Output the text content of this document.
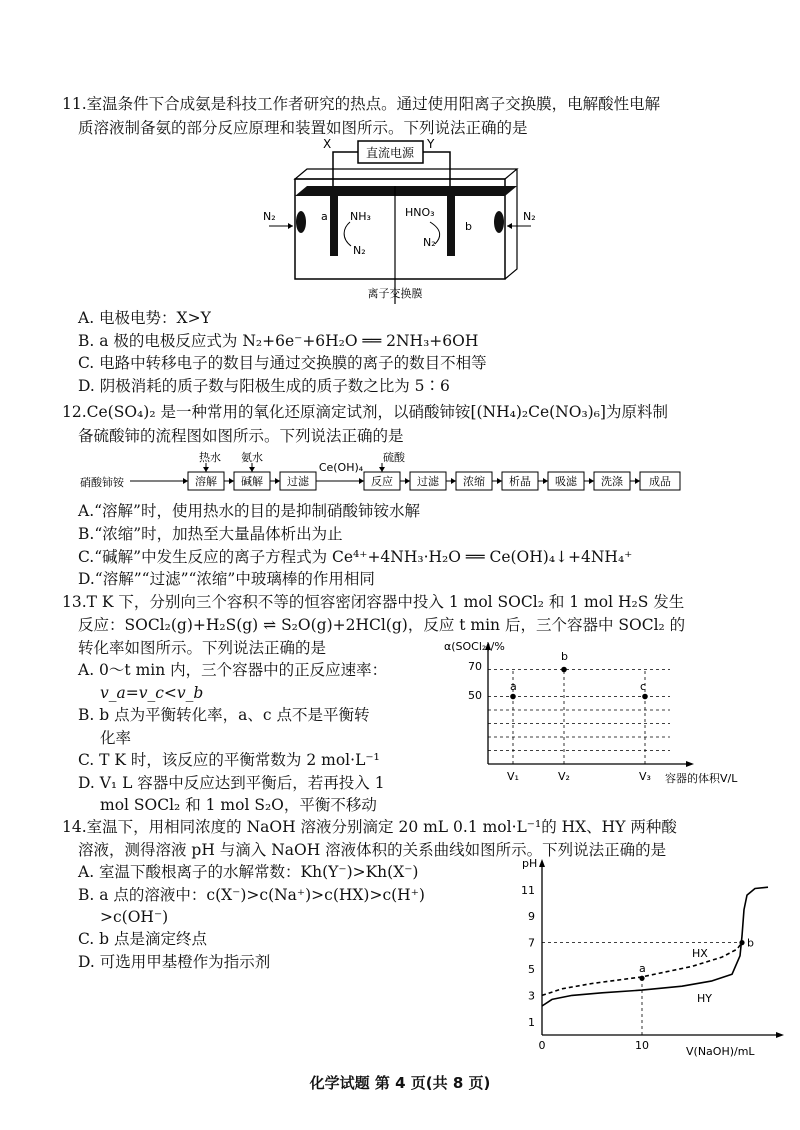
11.室温条件下合成氨是科技工作者研究的热点。通过使用阳离子交换膜，电解酸性电解
质溶液制备氨的部分反应原理和装置如图所示。下列说法正确的是
X	Y
直流电源
N₂	N₂
a
b
NH₃
N₂
HNO₃
N₂
离子交换膜
A. 电极电势：X>Y
B. a 极的电极反应式为 N₂+6e⁻+6H₂O ══ 2NH₃+6OH
C. 电路中转移电子的数目与通过交换膜的离子的数目不相等
D. 阴极消耗的质子数与阳极生成的质子数之比为 5∶6
12.Ce(SO₄)₂ 是一种常用的氧化还原滴定试剂，以硝酸铈铵[(NH₄)₂Ce(NO₃)₆]为原料制
备硫酸铈的流程图如图所示。下列说法正确的是
硝酸铈铵	溶解 碱解 过滤	反应 过滤 浓缩 析晶 吸滤 洗涤 成品
热水 氨水
Ce(OH)₄
硫酸
A.“溶解”时，使用热水的目的是抑制硝酸铈铵水解
B.“浓缩”时，加热至大量晶体析出为止
C.“碱解”中发生反应的离子方程式为 Ce⁴⁺+4NH₃·H₂O ══ Ce(OH)₄↓+4NH₄⁺
D.“溶解”“过滤”“浓缩”中玻璃棒的作用相同
13.T K 下，分别向三个容积不等的恒容密闭容器中投入 1 mol SOCl₂ 和 1 mol H₂S 发生
反应：SOCl₂(g)+H₂S(g) ⇌ S₂O(g)+2HCl(g)，反应 t min 后，三个容器中 SOCl₂ 的
转化率如图所示。下列说法正确的是
A. 0～t min 内，三个容器中的正反应速率：
v_a=v_c<v_b
B. b 点为平衡转化率，a、c 点不是平衡转
化率
C. T K 时，该反应的平衡常数为 2 mol·L⁻¹
D. V₁ L 容器中反应达到平衡后，若再投入 1
mol SOCl₂ 和 1 mol S₂O，平衡不移动
α(SOCl₂)/%
容器的体积V/L
70
50
V₁	V₂	V₃
a
b
c
14.室温下，用相同浓度的 NaOH 溶液分别滴定 20 mL 0.1 mol·L⁻¹的 HX、HY 两种酸
溶液，测得溶液 pH 与滴入 NaOH 溶液体积的关系曲线如图所示。下列说法正确的是
A. 室温下酸根离子的水解常数：Kh(Y⁻)>Kh(X⁻)
B. a 点的溶液中：c(X⁻)>c(Na⁺)>c(HX)>c(H⁺)
>c(OH⁻)
C. b 点是滴定终点
D. 可选用甲基橙作为指示剂
pH
V(NaOH)/mL
1
3
5
7
9
11
0	10
HX
HY
a
b
化学试题 第 4 页(共 8 页)
